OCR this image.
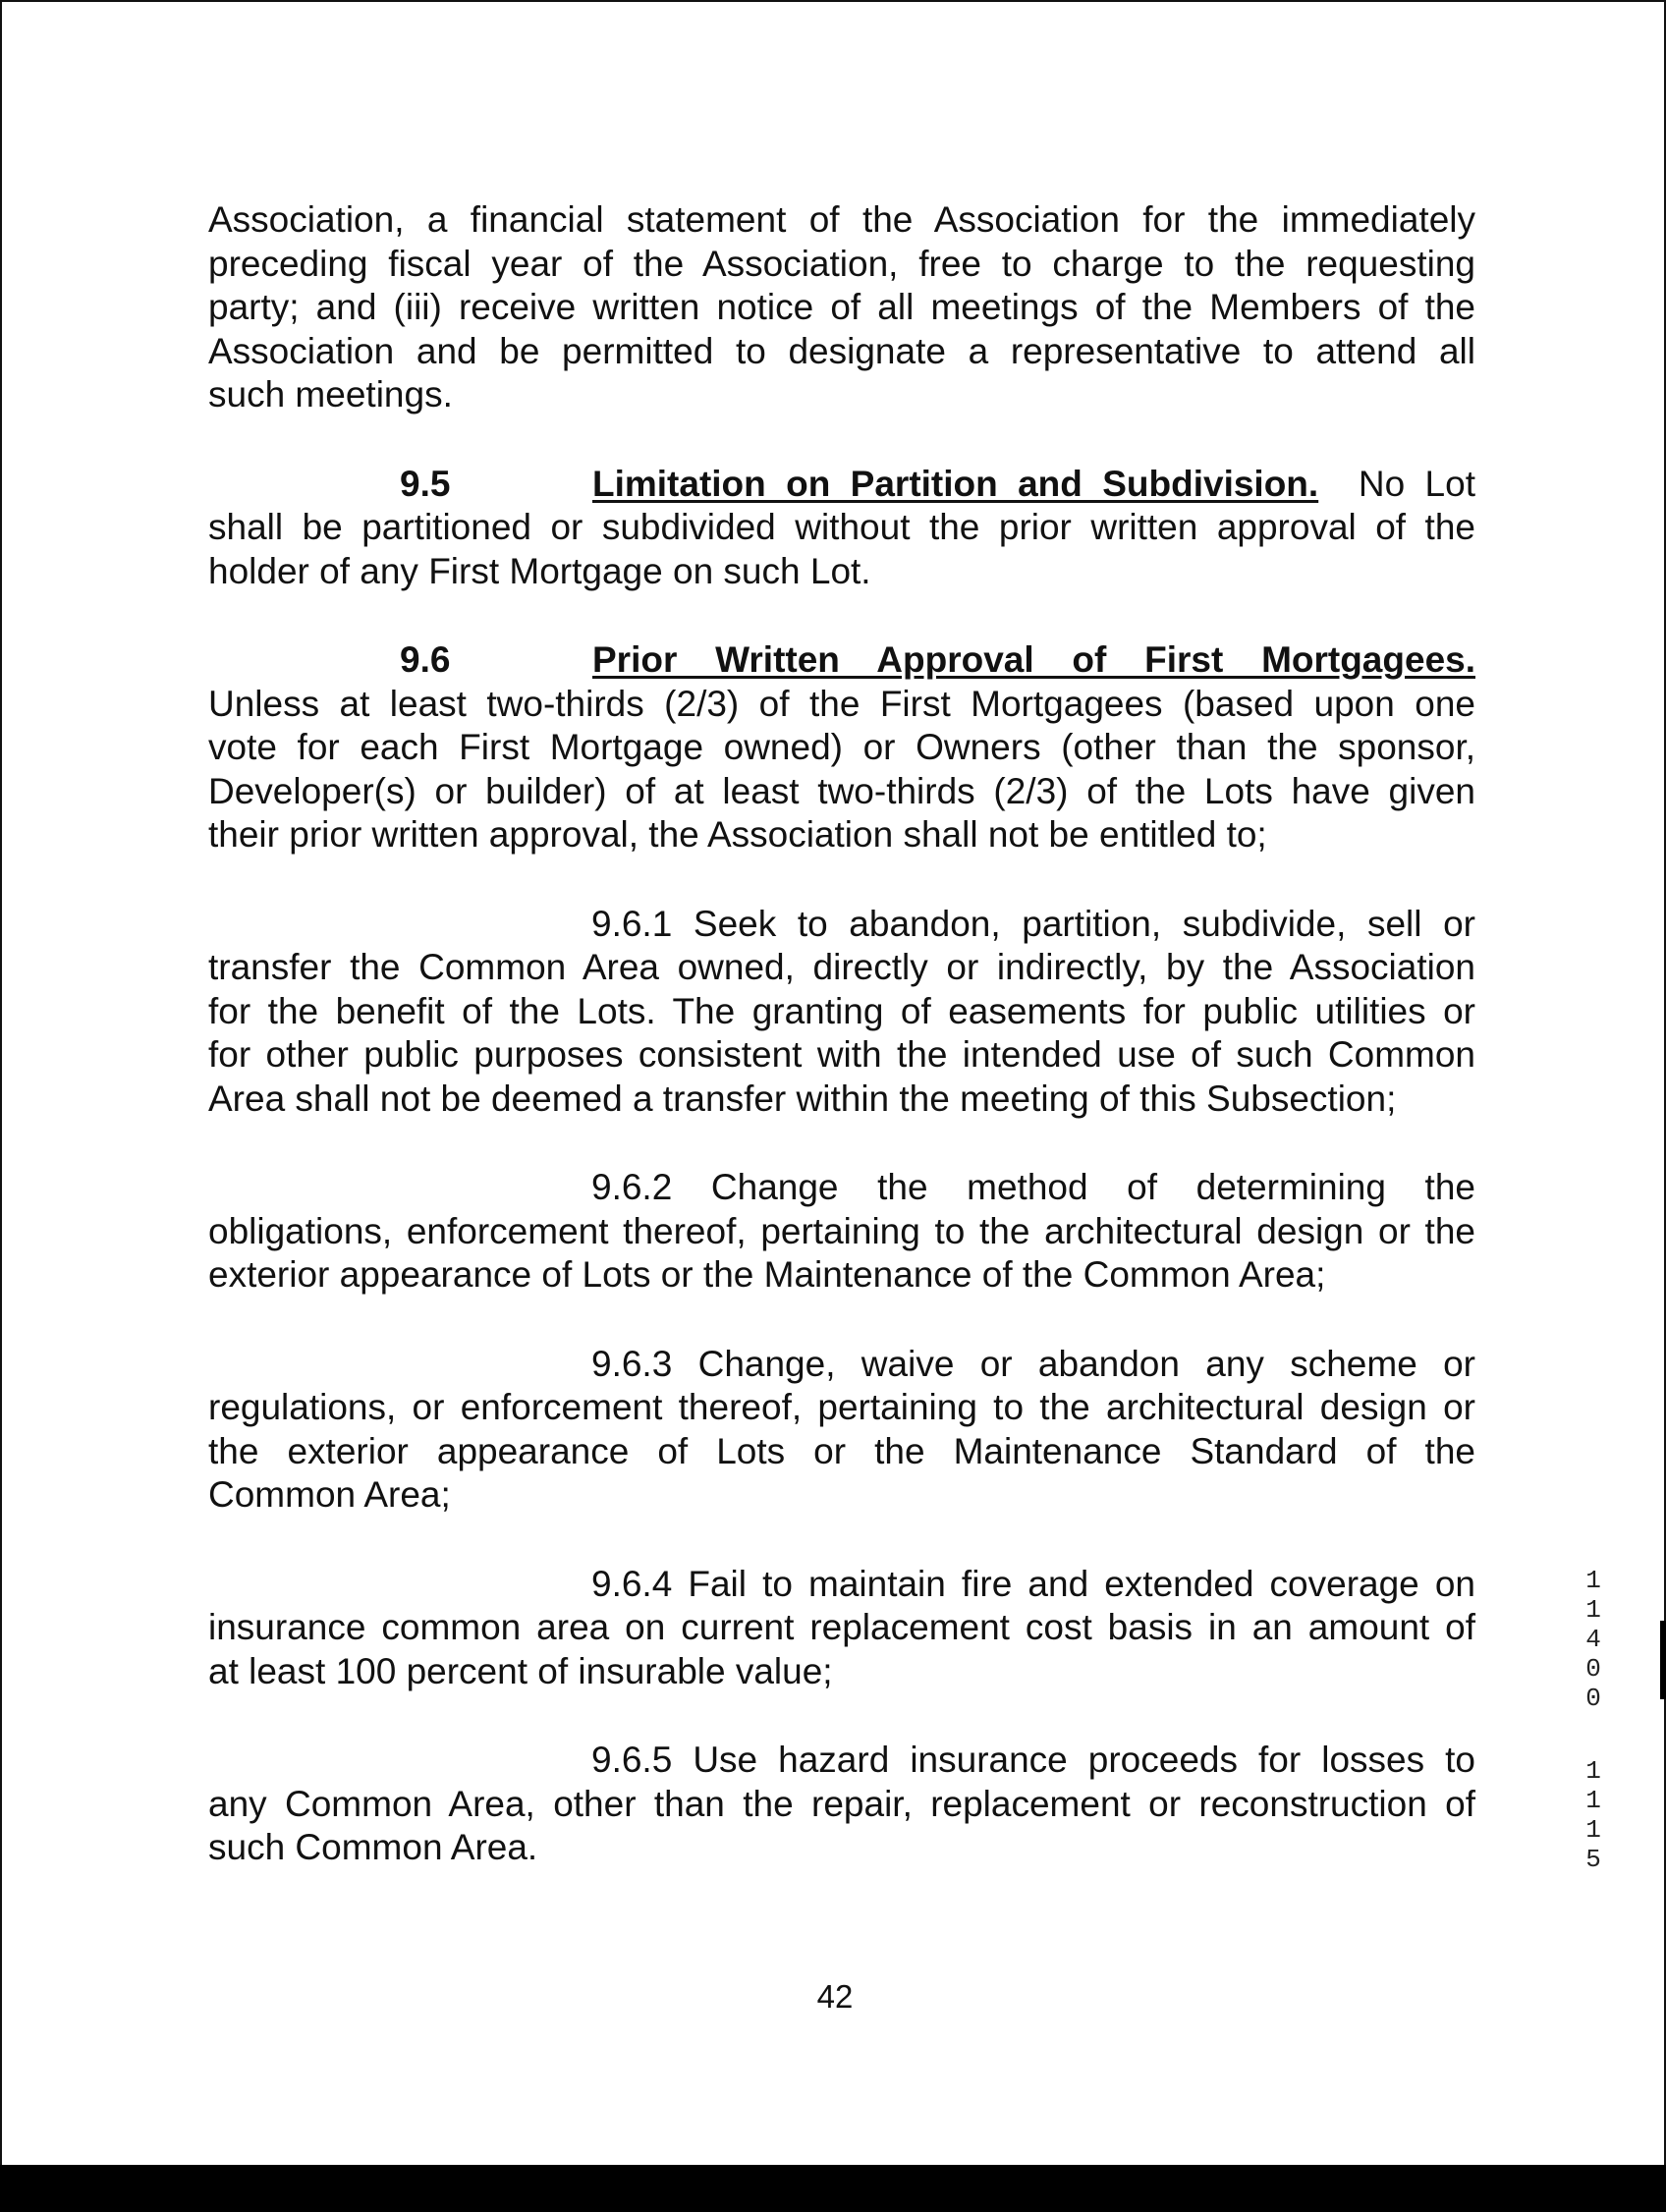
Association, a financial statement of the Association for the immediately
preceding fiscal year of the Association, free to charge to the requesting
party; and (iii) receive written notice of all meetings of the Members of the
Association and be permitted to designate a representative to attend all
such meetings.
9.5	Limitation on Partition and Subdivision. No Lot
shall be partitioned or subdivided without the prior written approval of the
holder of any First Mortgage on such Lot.
9.6	Prior Written Approval of First Mortgagees.
Unless at least two-thirds (2/3) of the First Mortgagees (based upon one
vote for each First Mortgage owned) or Owners (other than the sponsor,
Developer(s) or builder) of at least two-thirds (2/3) of the Lots have given
their prior written approval, the Association shall not be entitled to;
9.6.1 Seek to abandon, partition, subdivide, sell or
transfer the Common Area owned, directly or indirectly, by the Association
for the benefit of the Lots. The granting of easements for public utilities or
for other public purposes consistent with the intended use of such Common
Area shall not be deemed a transfer within the meeting of this Subsection;
9.6.2 Change the method of determining the
obligations, enforcement thereof, pertaining to the architectural design or the
exterior appearance of Lots or the Maintenance of the Common Area;
9.6.3 Change, waive or abandon any scheme or
regulations, or enforcement thereof, pertaining to the architectural design or
the exterior appearance of Lots or the Maintenance Standard of the
Common Area;
9.6.4 Fail to maintain fire and extended coverage on
insurance common area on current replacement cost basis in an amount of
at least 100 percent of insurable value;
9.6.5 Use hazard insurance proceeds for losses to
any Common Area, other than the repair, replacement or reconstruction of
such Common Area.
1
1
4
0
0
1
1
1
5
42
